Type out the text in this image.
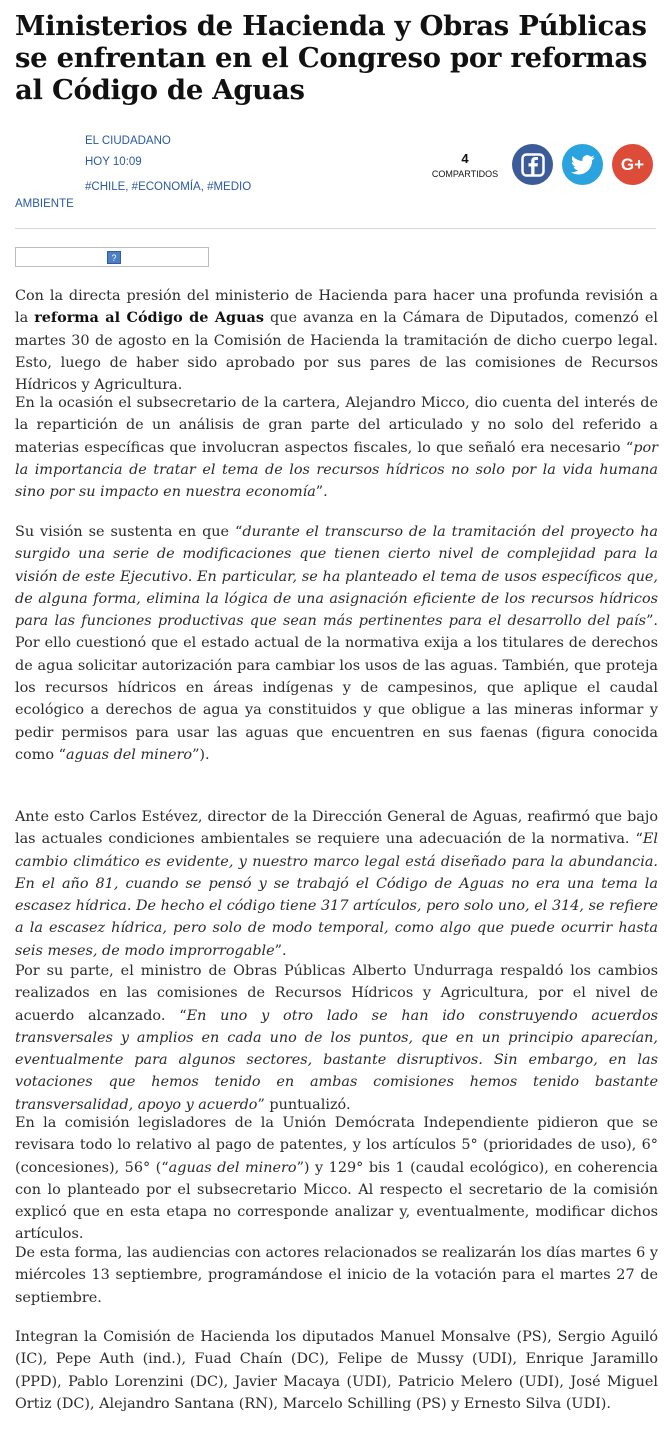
Ministerios de Hacienda y Obras Públicas se enfrentan en el Congreso por reformas al Código de Aguas
EL CIUDADANO
HOY 10:09
#CHILE, #ECONOMÍA, #MEDIO
AMBIENTE
4
COMPARTIDOS
G+
?

Con la directa presión del ministerio de Hacienda para hacer una profunda revisión a la reforma al Código de Aguas que avanza en la Cámara de Diputados, comenzó el martes 30 de agosto en la Comisión de Hacienda la tramitación de dicho cuerpo legal. Esto, luego de haber sido aprobado por sus pares de las comisiones de Recursos Hídricos y Agricultura.

En la ocasión el subsecretario de la cartera, Alejandro Micco, dio cuenta del interés de la repartición de un análisis de gran parte del articulado y no solo del referido a materias específicas que involucran aspectos fiscales, lo que señaló era necesario “por la importancia de tratar el tema de los recursos hídricos no solo por la vida humana sino por su impacto en nuestra economía”.

Su visión se sustenta en que “durante el transcurso de la tramitación del proyecto ha surgido una serie de modificaciones que tienen cierto nivel de complejidad para la visión de este Ejecutivo. En particular, se ha planteado el tema de usos específicos que, de alguna forma, elimina la lógica de una asignación eficiente de los recursos hídricos para las funciones productivas que sean más pertinentes para el desarrollo del país”. Por ello cuestionó que el estado actual de la normativa exija a los titulares de derechos de agua solicitar autorización para cambiar los usos de las aguas. También, que proteja los recursos hídricos en áreas indígenas y de campesinos, que aplique el caudal ecológico a derechos de agua ya constituidos y que obligue a las mineras informar y pedir permisos para usar las aguas que encuentren en sus faenas (figura conocida como “aguas del minero”).

Ante esto Carlos Estévez, director de la Dirección General de Aguas, reafirmó que bajo las actuales condiciones ambientales se requiere una adecuación de la normativa. “El cambio climático es evidente, y nuestro marco legal está diseñado para la abundancia. En el año 81, cuando se pensó y se trabajó el Código de Aguas no era una tema la escasez hídrica. De hecho el código tiene 317 artículos, pero solo uno, el 314, se refiere a la escasez hídrica, pero solo de modo temporal, como algo que puede ocurrir hasta seis meses, de modo improrrogable”.

Por su parte, el ministro de Obras Públicas Alberto Undurraga respaldó los cambios realizados en las comisiones de Recursos Hídricos y Agricultura, por el nivel de acuerdo alcanzado. “En uno y otro lado se han ido construyendo acuerdos transversales y amplios en cada uno de los puntos, que en un principio aparecían, eventualmente para algunos sectores, bastante disruptivos. Sin embargo, en las votaciones que hemos tenido en ambas comisiones hemos tenido bastante transversalidad, apoyo y acuerdo” puntualizó.

En la comisión legisladores de la Unión Demócrata Independiente pidieron que se revisara todo lo relativo al pago de patentes, y los artículos 5° (prioridades de uso), 6° (concesiones), 56° (“aguas del minero”) y 129° bis 1 (caudal ecológico), en coherencia con lo planteado por el subsecretario Micco. Al respecto el secretario de la comisión explicó que en esta etapa no corresponde analizar y, eventualmente, modificar dichos artículos.

De esta forma, las audiencias con actores relacionados se realizarán los días martes 6 y miércoles 13 septiembre, programándose el inicio de la votación para el martes 27 de septiembre.

Integran la Comisión de Hacienda los diputados Manuel Monsalve (PS), Sergio Aguiló (IC), Pepe Auth (ind.), Fuad Chaín (DC), Felipe de Mussy (UDI), Enrique Jaramillo (PPD), Pablo Lorenzini (DC), Javier Macaya (UDI), Patricio Melero (UDI), José Miguel Ortiz (DC), Alejandro Santana (RN), Marcelo Schilling (PS) y Ernesto Silva (UDI).
